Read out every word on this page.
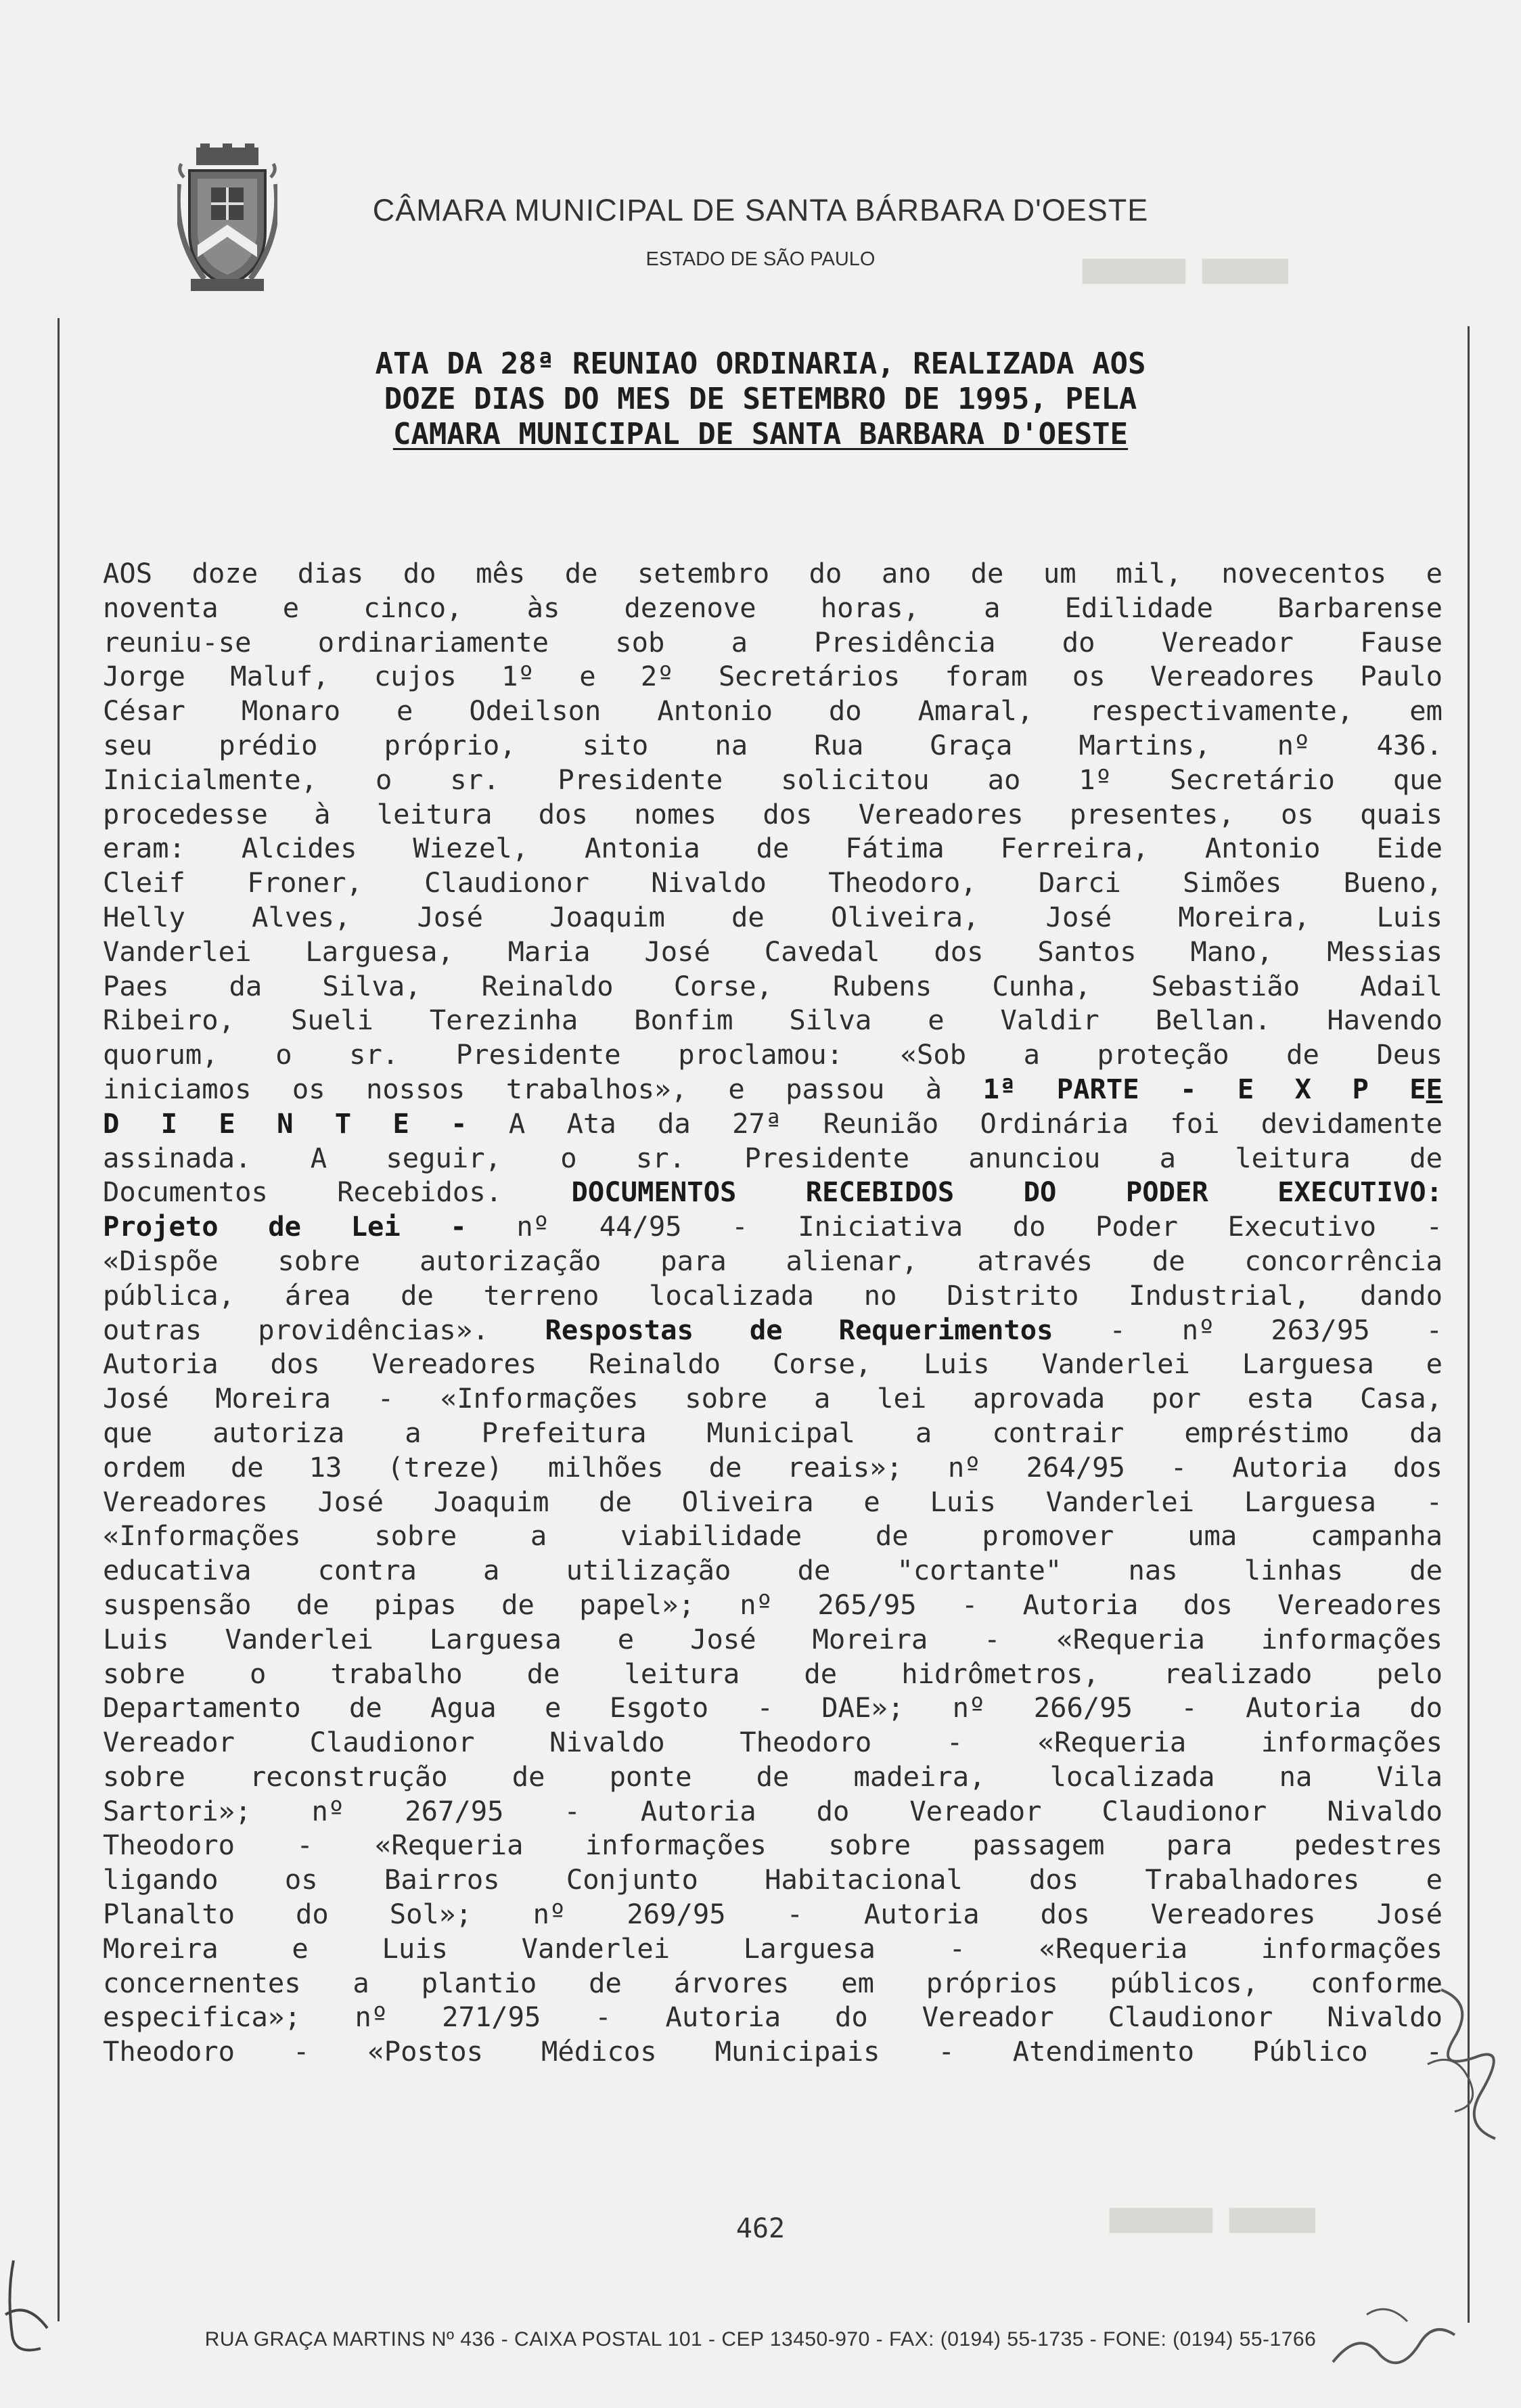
▆▆▆▆▆ ▆▆▆▆▆▆
▆▆▆▆▆ ▆▆▆▆▆▆
CÂMARA MUNICIPAL DE SANTA BÁRBARA D'OESTE
ESTADO DE SÃO PAULO
ATA DA 28ª REUNIAO ORDINARIA, REALIZADA AOS
DOZE DIAS DO MES DE SETEMBRO DE 1995, PELA
CAMARA MUNICIPAL DE SANTA BARBARA D'OESTE
AOS doze dias do mês de setembro do ano de um mil, novecentos e
noventa e cinco, às dezenove horas, a Edilidade Barbarense
reuniu-se ordinariamente sob a Presidência do Vereador Fause
Jorge Maluf, cujos 1º e 2º Secretários foram os Vereadores Paulo
César Monaro e Odeilson Antonio do Amaral, respectivamente, em
seu prédio próprio, sito na Rua Graça Martins, nº 436.
Inicialmente, o sr. Presidente solicitou ao 1º Secretário que
procedesse à leitura dos nomes dos Vereadores presentes, os quais
eram: Alcides Wiezel, Antonia de Fátima Ferreira, Antonio Eide
Cleif Froner, Claudionor Nivaldo Theodoro, Darci Simões Bueno,
Helly Alves, José Joaquim de Oliveira, José Moreira, Luis
Vanderlei Larguesa, Maria José Cavedal dos Santos Mano, Messias
Paes da Silva, Reinaldo Corse, Rubens Cunha, Sebastião Adail
Ribeiro, Sueli Terezinha Bonfim Silva e Valdir Bellan. Havendo
quorum, o sr. Presidente proclamou: «Sob a proteção de Deus
iniciamos os nossos trabalhos», e passou à 1ª PARTE - E X P EE
D I E N T E - A Ata da 27ª Reunião Ordinária foi devidamente
assinada. A seguir, o sr. Presidente anunciou a leitura de
Documentos Recebidos.	DOCUMENTOS RECEBIDOS DO PODER EXECUTIVO:
Projeto de Lei - nº 44/95 - Iniciativa do Poder Executivo -
«Dispõe sobre autorização para alienar, através de concorrência
pública, área de terreno localizada no Distrito Industrial, dando
outras providências». Respostas de Requerimentos - nº 263/95 -
Autoria dos Vereadores Reinaldo Corse, Luis Vanderlei Larguesa e
José Moreira - «Informações sobre a lei aprovada por esta Casa,
que autoriza a Prefeitura Municipal a contrair empréstimo da
ordem de 13 (treze) milhões de reais»; nº 264/95 - Autoria dos
Vereadores José Joaquim de Oliveira e Luis Vanderlei Larguesa -
«Informações sobre a viabilidade de promover uma campanha
educativa contra a utilização de "cortante" nas linhas de
suspensão de pipas de papel»; nº 265/95 - Autoria dos Vereadores
Luis Vanderlei Larguesa e José Moreira - «Requeria informações
sobre o trabalho de leitura de hidrômetros, realizado pelo
Departamento de Agua e Esgoto - DAE»; nº 266/95 - Autoria do
Vereador Claudionor Nivaldo Theodoro - «Requeria informações
sobre reconstrução de ponte de madeira, localizada na Vila
Sartori»; nº 267/95 - Autoria do Vereador Claudionor Nivaldo
Theodoro - «Requeria informações sobre passagem para pedestres
ligando os Bairros Conjunto Habitacional dos Trabalhadores e
Planalto do Sol»; nº 269/95 - Autoria dos Vereadores José
Moreira e Luis Vanderlei Larguesa - «Requeria informações
concernentes a plantio de árvores em próprios públicos, conforme
especifica»; nº 271/95 - Autoria do Vereador Claudionor Nivaldo
Theodoro - «Postos Médicos Municipais - Atendimento Público -
462
RUA GRAÇA MARTINS Nº 436 - CAIXA POSTAL 101 - CEP 13450-970 - FAX: (0194) 55-1735 - FONE: (0194) 55-1766
